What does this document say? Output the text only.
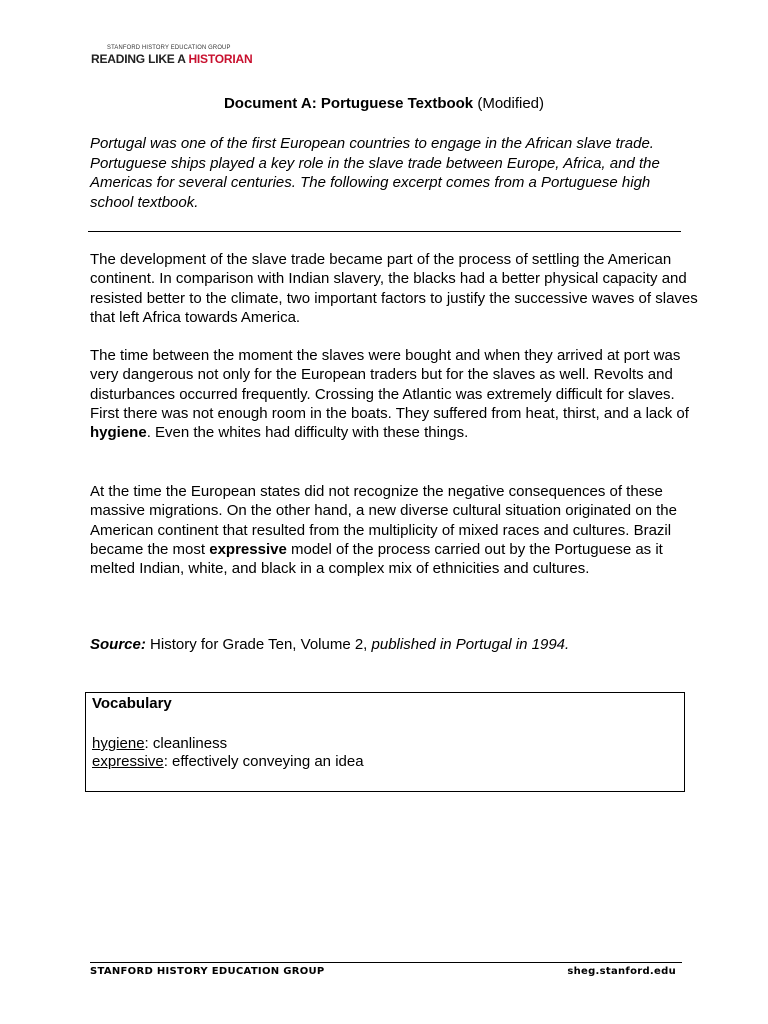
STANFORD HISTORY EDUCATION GROUP
READING LIKE A HISTORIAN
Document A: Portuguese Textbook (Modified)
Portugal was one of the first European countries to engage in the African slave trade. Portuguese ships played a key role in the slave trade between Europe, Africa, and the Americas for several centuries. The following excerpt comes from a Portuguese high school textbook.
The development of the slave trade became part of the process of settling the American continent. In comparison with Indian slavery, the blacks had a better physical capacity and resisted better to the climate, two important factors to justify the successive waves of slaves that left Africa towards America.
The time between the moment the slaves were bought and when they arrived at port was very dangerous not only for the European traders but for the slaves as well. Revolts and disturbances occurred frequently. Crossing the Atlantic was extremely difficult for slaves. First there was not enough room in the boats. They suffered from heat, thirst, and a lack of hygiene. Even the whites had difficulty with these things.
At the time the European states did not recognize the negative consequences of these massive migrations. On the other hand, a new diverse cultural situation originated on the American continent that resulted from the multiplicity of mixed races and cultures. Brazil became the most expressive model of the process carried out by the Portuguese as it melted Indian, white, and black in a complex mix of ethnicities and cultures.
Source: History for Grade Ten, Volume 2, published in Portugal in 1994.
Vocabulary
hygiene: cleanliness
expressive: effectively conveying an idea
STANFORD HISTORY EDUCATION GROUP	sheg.stanford.edu
